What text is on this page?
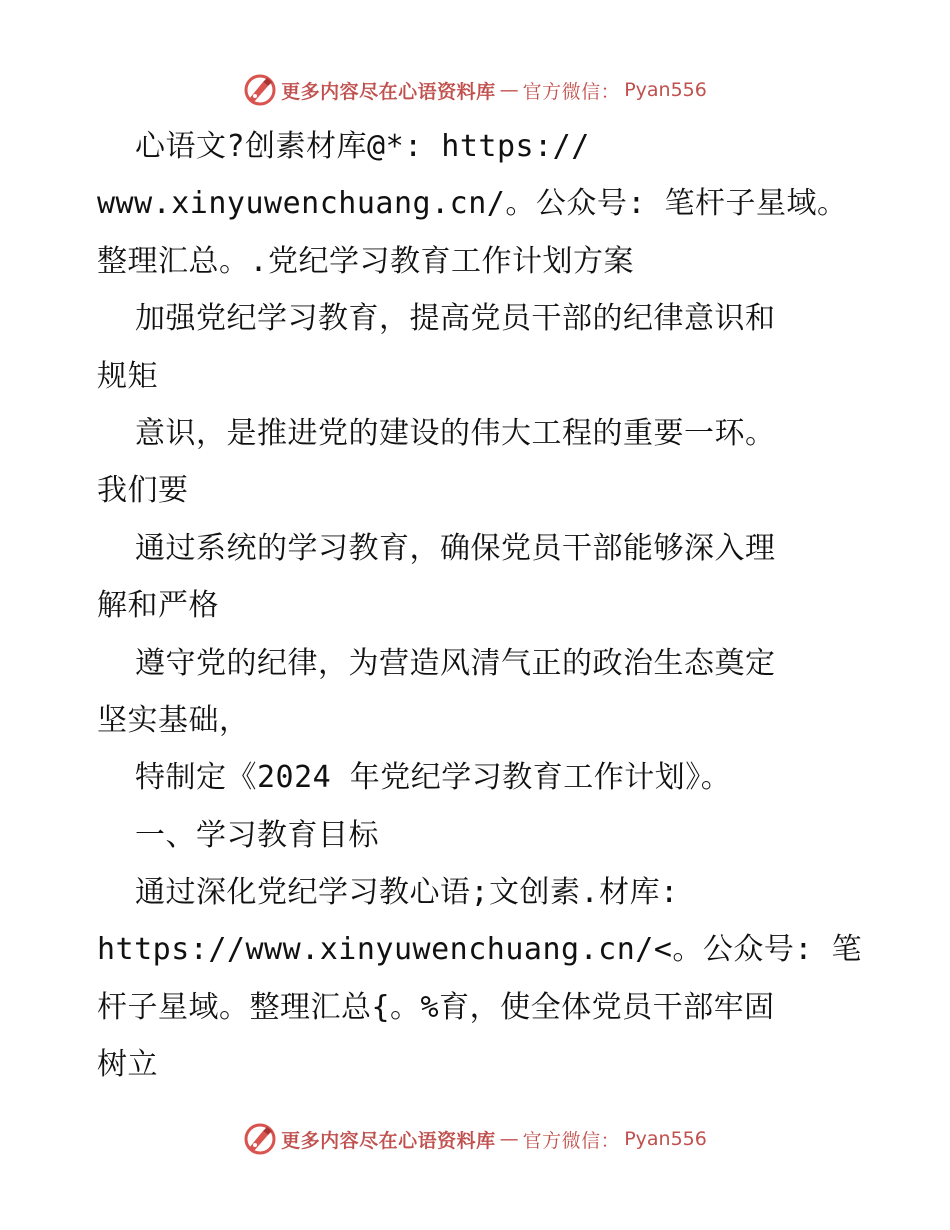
更多内容尽在心语资料库 — 官方微信： Pyan556
心语文?创素材库@*: https://
www.xinyuwenchuang.cn/。公众号: 笔杆子星域。
整理汇总。.党纪学习教育工作计划方案
加强党纪学习教育，提高党员干部的纪律意识和
规矩
意识，是推进党的建设的伟大工程的重要一环。
我们要
通过系统的学习教育，确保党员干部能够深入理
解和严格
遵守党的纪律，为营造风清气正的政治生态奠定
坚实基础，
特制定《2024 年党纪学习教育工作计划》。
一、学习教育目标
通过深化党纪学习教心语;文创素.材库:
https://www.xinyuwenchuang.cn/<。公众号: 笔
杆子星域。整理汇总{。%育，使全体党员干部牢固
树立
更多内容尽在心语资料库 — 官方微信： Pyan556
